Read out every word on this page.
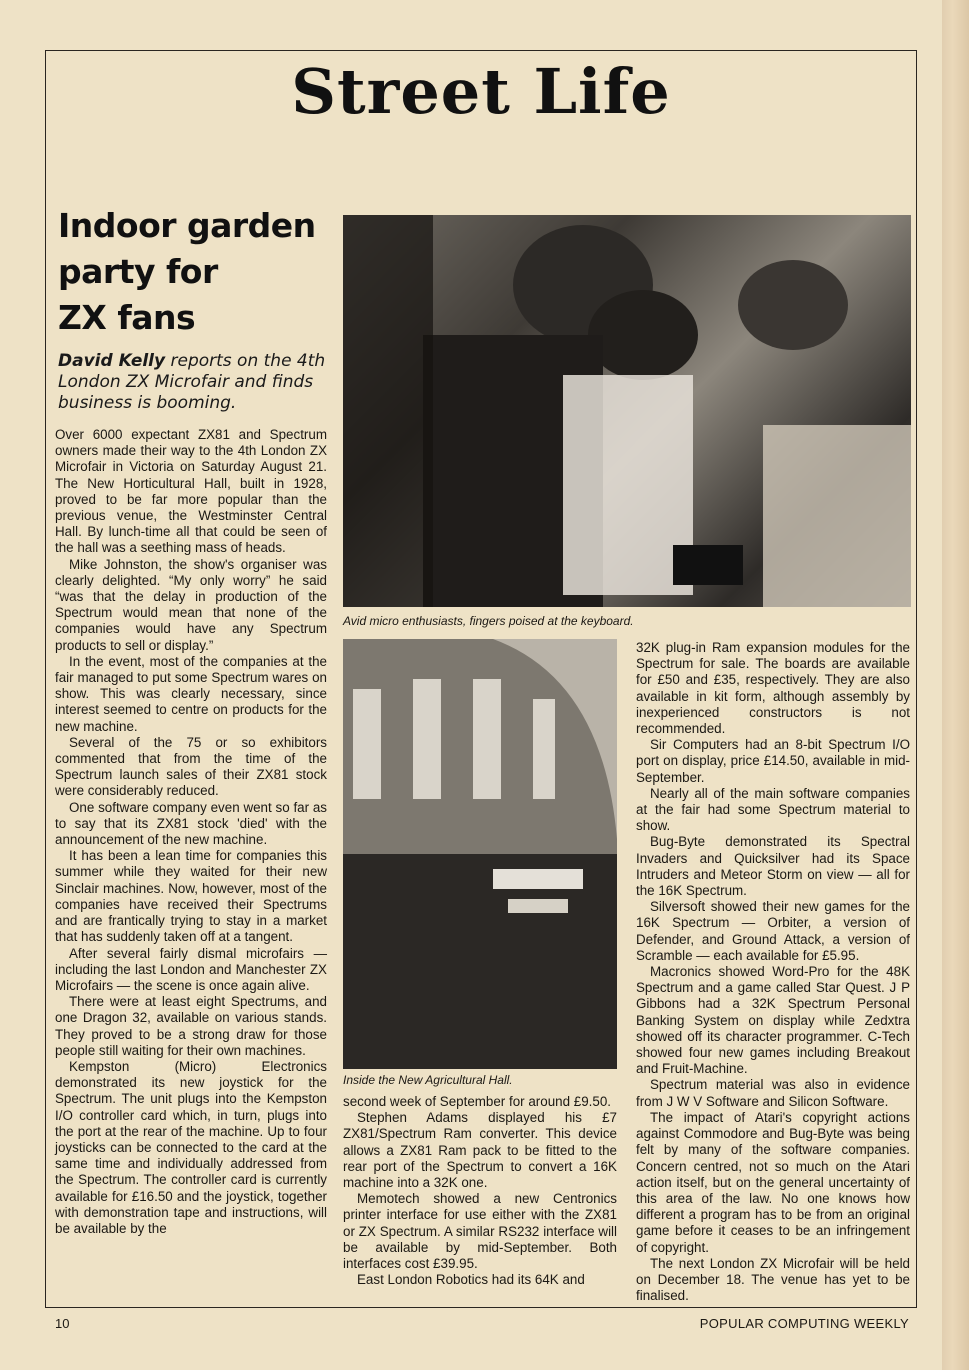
Street Life
Indoor garden
party for
ZX fans

David Kelly reports on the 4th London ZX Microfair and finds business is booming.

Over 6000 expectant ZX81 and Spectrum owners made their way to the 4th London ZX Microfair in Victoria on Saturday August 21. The New Horticultural Hall, built in 1928, proved to be far more popular than the previous venue, the Westminster Central Hall. By lunch-time all that could be seen of the hall was a seething mass of heads.

Mike Johnston, the show's organiser was clearly delighted. “My only worry” he said “was that the delay in production of the Spectrum would mean that none of the companies would have any Spectrum products to sell or display.”

In the event, most of the companies at the fair managed to put some Spectrum wares on show. This was clearly necessary, since interest seemed to centre on products for the new machine.

Several of the 75 or so exhibitors commented that from the time of the Spectrum launch sales of their ZX81 stock were considerably reduced.

One software company even went so far as to say that its ZX81 stock 'died' with the announcement of the new machine.

It has been a lean time for companies this summer while they waited for their new Sinclair machines. Now, however, most of the companies have received their Spectrums and are frantically trying to stay in a market that has suddenly taken off at a tangent.

After several fairly dismal microfairs — including the last London and Manchester ZX Microfairs — the scene is once again alive.

There were at least eight Spectrums, and one Dragon 32, available on various stands. They proved to be a strong draw for those people still waiting for their own machines.

Kempston (Micro) Electronics demonstrated its new joystick for the Spectrum. The unit plugs into the Kempston I/O controller card which, in turn, plugs into the port at the rear of the machine. Up to four joysticks can be connected to the card at the same time and individually addressed from the Spectrum. The controller card is currently available for £16.50 and the joystick, together with demonstration tape and instructions, will be available by the

Avid micro enthusiasts, fingers poised at the keyboard.
Inside the New Agricultural Hall.

second week of September for around £9.50.

Stephen Adams displayed his £7 ZX81/Spectrum Ram converter. This device allows a ZX81 Ram pack to be fitted to the rear port of the Spectrum to convert a 16K machine into a 32K one.

Memotech showed a new Centronics printer interface for use either with the ZX81 or ZX Spectrum. A similar RS232 interface will be available by mid-September. Both interfaces cost £39.95.

East London Robotics had its 64K and

32K plug-in Ram expansion modules for the Spectrum for sale. The boards are available for £50 and £35, respectively. They are also available in kit form, although assembly by inexperienced constructors is not recommended.

Sir Computers had an 8-bit Spectrum I/O port on display, price £14.50, available in mid-September.

Nearly all of the main software companies at the fair had some Spectrum material to show.

Bug-Byte demonstrated its Spectral Invaders and Quicksilver had its Space Intruders and Meteor Storm on view — all for the 16K Spectrum.

Silversoft showed their new games for the 16K Spectrum — Orbiter, a version of Defender, and Ground Attack, a version of Scramble — each available for £5.95.

Macronics showed Word-Pro for the 48K Spectrum and a game called Star Quest. J P Gibbons had a 32K Spectrum Personal Banking System on display while Zedxtra showed off its character programmer. C-Tech showed four new games including Breakout and Fruit-Machine.

Spectrum material was also in evidence from J W V Software and Silicon Software.

The impact of Atari's copyright actions against Commodore and Bug-Byte was being felt by many of the software companies. Concern centred, not so much on the Atari action itself, but on the general uncertainty of this area of the law. No one knows how different a program has to be from an original game before it ceases to be an infringement of copyright.

The next London ZX Microfair will be held on December 18. The venue has yet to be finalised.

10	POPULAR COMPUTING WEEKLY
